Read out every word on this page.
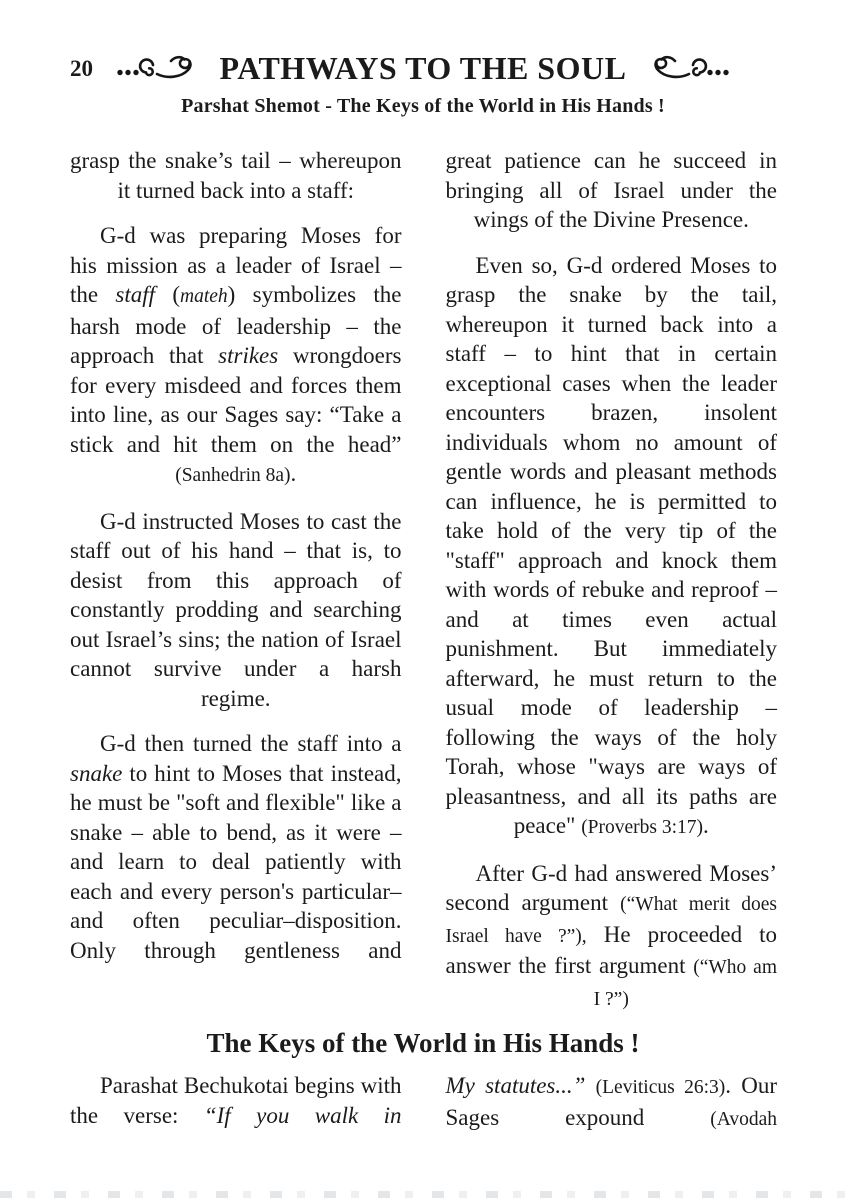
20	PATHWAYS TO THE SOUL
Parshat Shemot - The Keys of the World in His Hands !

grasp the snake’s tail – whereupon it turned back into a staff:

G-d was preparing Moses for his mission as a leader of Israel – the staff (mateh) symbolizes the harsh mode of leadership – the approach that strikes wrongdoers for every misdeed and forces them into line, as our Sages say: “Take a stick and hit them on the head” (Sanhedrin 8a).

G-d instructed Moses to cast the staff out of his hand – that is, to desist from this approach of constantly prodding and searching out Israel’s sins; the nation of Israel cannot survive under a harsh regime.

G-d then turned the staff into a snake to hint to Moses that instead, he must be "soft and flexible" like a snake – able to bend, as it were – and learn to deal patiently with each and every person's particular–and often peculiar–disposition. Only through gentleness and

great patience can he succeed in bringing all of Israel under the wings of the Divine Presence.

Even so, G-d ordered Moses to grasp the snake by the tail, whereupon it turned back into a staff – to hint that in certain exceptional cases when the leader encounters brazen, insolent individuals whom no amount of gentle words and pleasant methods can influence, he is permitted to take hold of the very tip of the "staff" approach and knock them with words of rebuke and reproof – and at times even actual punishment. But immediately afterward, he must return to the usual mode of leadership – following the ways of the holy Torah, whose "ways are ways of pleasantness, and all its paths are peace" (Proverbs 3:17).

After G-d had answered Moses’ second argument (“What merit does Israel have ?”), He proceeded to answer the first argument (“Who am I ?”)

The Keys of the World in His Hands !

Parashat Bechukotai begins with the verse: “If you walk in

My statutes...” (Leviticus 26:3). Our Sages expound (Avodah
